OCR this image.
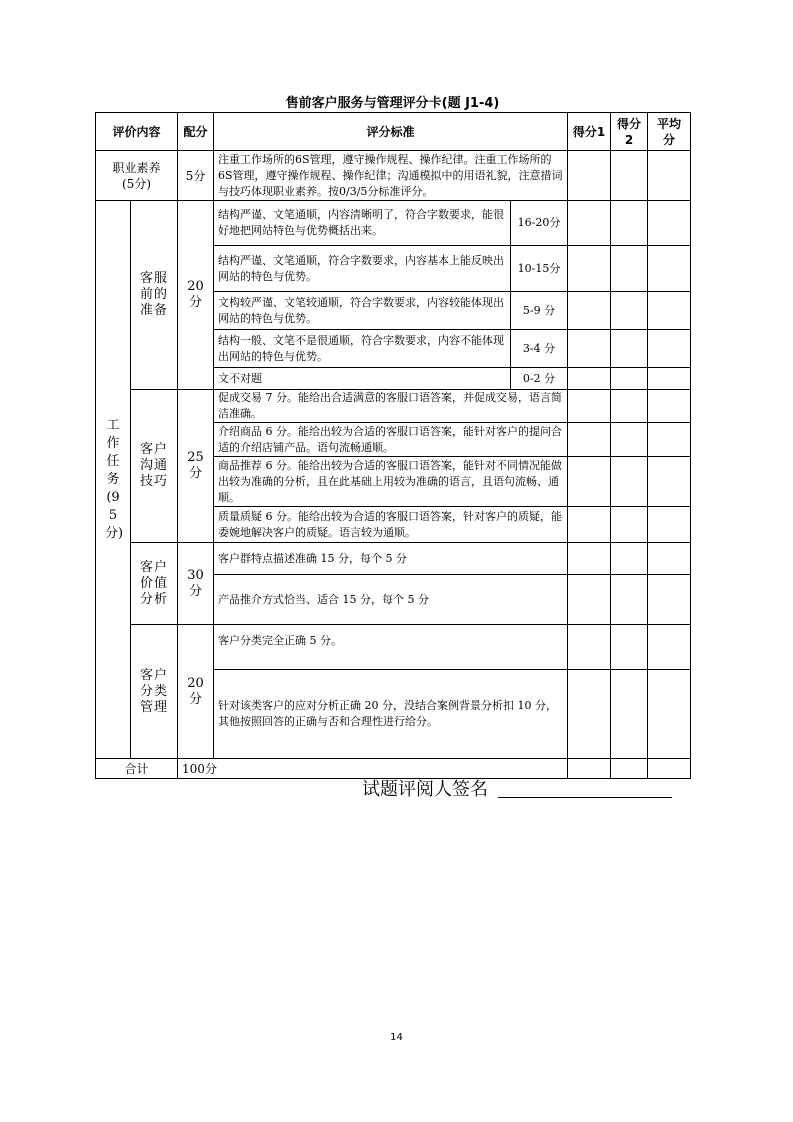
售前客户服务与管理评分卡(题 J1-4)
评价内容		配分	评分标准		得分1	得分2	平均分

职业素养
(5分)		5分	注重工作场所的6S管理，遵守操作规程、操作纪律。注重工作场所的6S管理，遵守操作规程、操作纪律；沟通模拟中的用语礼貌，注意措词与技巧体现职业素养。按0/3/5分标准评分。				

工作任务(95分)	客服前的准备	20分	结构严谨、文笔通顺，内容清晰明了，符合字数要求，能很好地把网站特色与优势概括出来。	16-20分			
			结构严谨、文笔通顺，符合字数要求，内容基本上能反映出网站的特色与优势。	10-15分			
			文构较严谨、文笔较通顺，符合字数要求，内容较能体现出网站的特色与优势。	5-9 分			
			结构一般、文笔不是很通顺，符合字数要求，内容不能体现出网站的特色与优势。	3-4 分			
			文不对题	0-2 分			

	客户沟通技巧	25分	促成交易 7 分。能给出合适满意的客服口语答案，并促成交易，语言简洁准确。				
			介绍商品 6 分。能给出较为合适的客服口语答案，能针对客户的提问合适的介绍店铺产品。语句流畅通顺。				
			商品推荐 6 分。能给出较为合适的客服口语答案，能针对不同情况能做出较为准确的分析，且在此基础上用较为准确的语言，且语句流畅、通顺。				
			质量质疑 6 分。能给出较为合适的客服口语答案，针对客户的质疑，能委婉地解决客户的质疑。语言较为通顺。				

	客户价值分析	30分	客户群特点描述准确 15 分，每个 5 分				
			产品推介方式恰当、适合 15 分，每个 5 分				

	客户分类管理	20分	客户分类完全正确 5 分。				
			针对该类客户的应对分析正确 20 分，没结合案例背景分析扣 10 分，其他按照回答的正确与否和合理性进行给分。				
合计		100分					
试题评阅人签名
14
